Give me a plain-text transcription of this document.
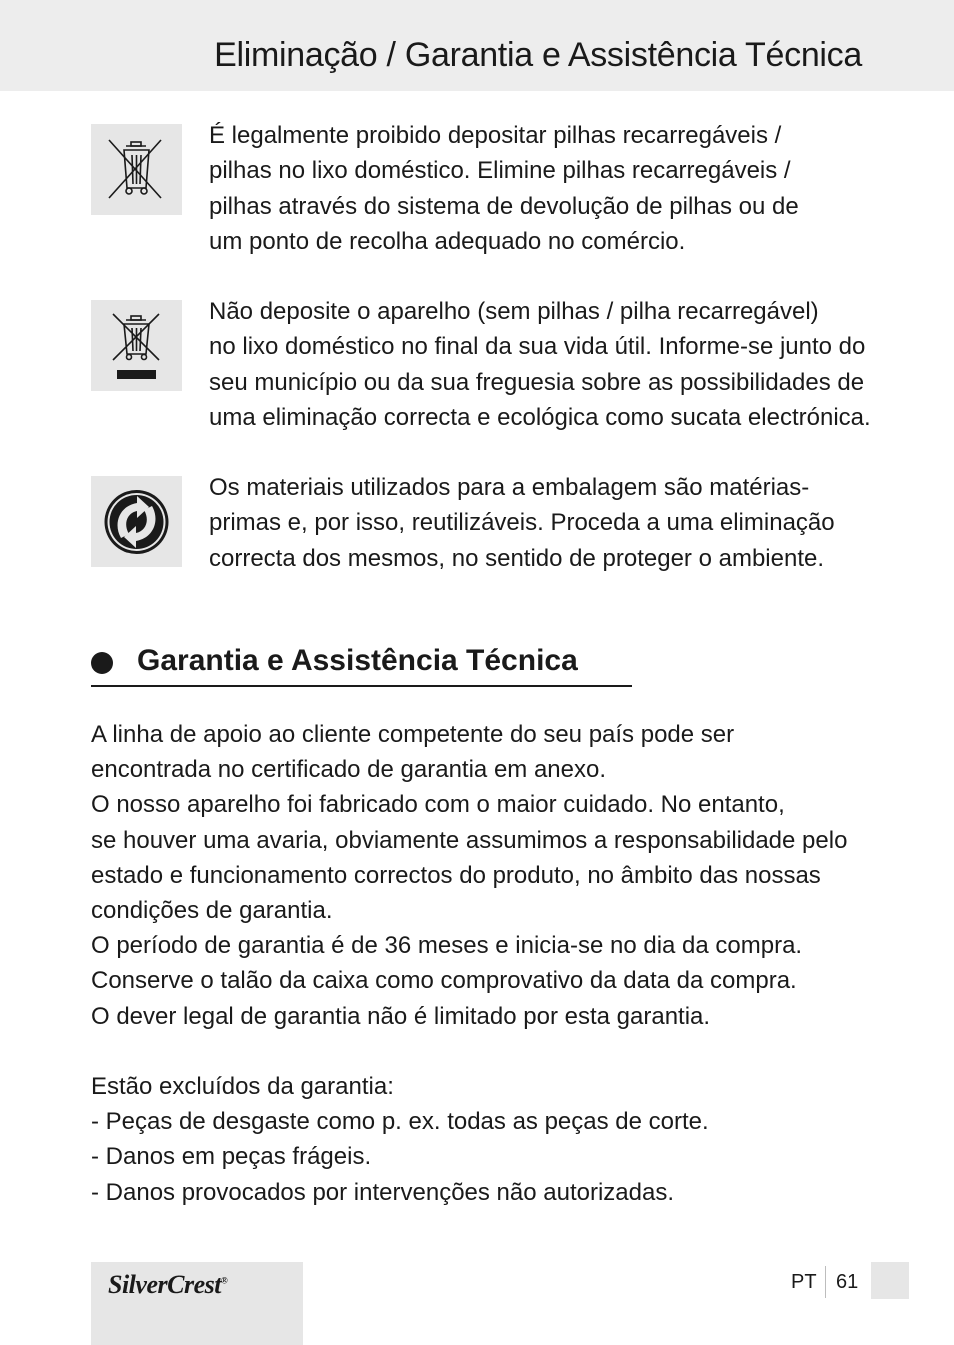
Eliminação / Garantia e Assistência Técnica

É legalmente proibido depositar pilhas recarregáveis /
pilhas no lixo doméstico. Elimine pilhas recarregáveis /
pilhas através do sistema de devolução de pilhas ou de
um ponto de recolha adequado no comércio.

Não deposite o aparelho (sem pilhas / pilha recarregável)
no lixo doméstico no final da sua vida útil. Informe-se junto do
seu município ou da sua freguesia sobre as possibilidades de
uma eliminação correcta e ecológica como sucata electrónica.

Os materiais utilizados para a embalagem são matérias-
primas e, por isso, reutilizáveis. Proceda a uma eliminação
correcta dos mesmos, no sentido de proteger o ambiente.

Garantia e Assistência Técnica

A linha de apoio ao cliente competente do seu país pode ser
encontrada no certificado de garantia em anexo.
O nosso aparelho foi fabricado com o maior cuidado. No entanto,
se houver uma avaria, obviamente assumimos a responsabilidade pelo
estado e funcionamento correctos do produto, no âmbito das nossas
condições de garantia.
O período de garantia é de 36 meses e inicia-se no dia da compra.
Conserve o talão da caixa como comprovativo da data da compra.
O dever legal de garantia não é limitado por esta garantia.

Estão excluídos da garantia:
- Peças de desgaste como p. ex. todas as peças de corte.
- Danos em peças frágeis.
- Danos provocados por intervenções não autorizadas.

SilverCrest®	PT 61
